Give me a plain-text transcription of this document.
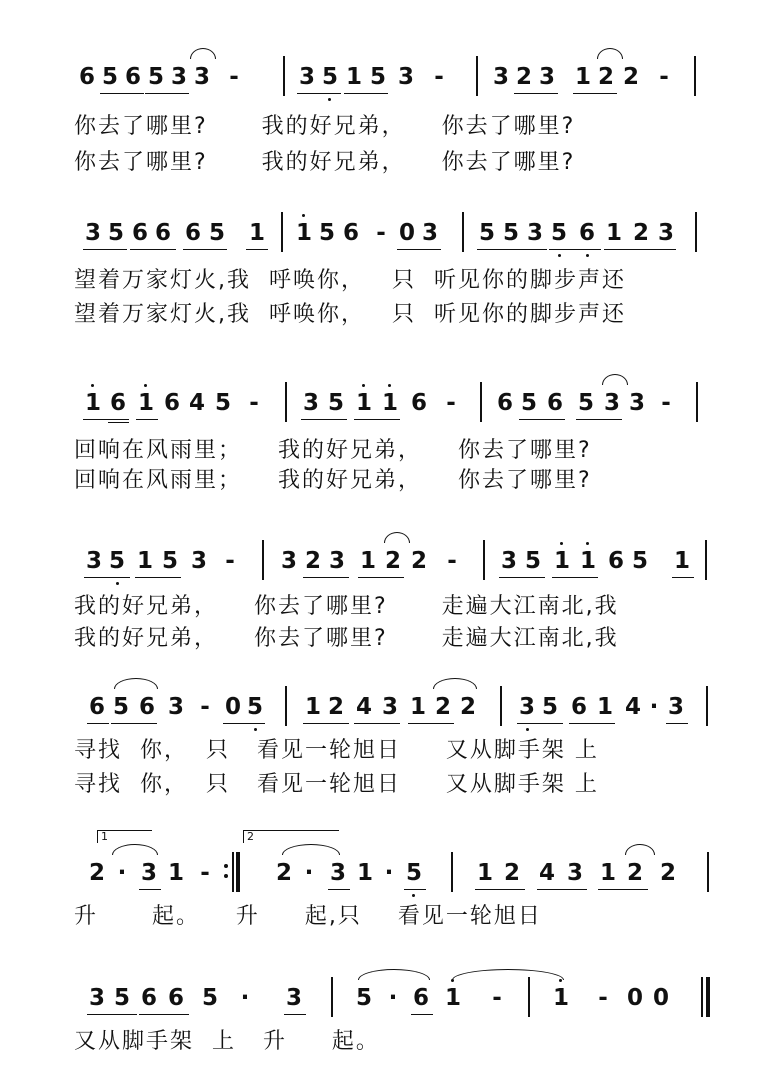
6 5 6 5 3 3 -	3 5 1 5 3 - 3 2 3 1 2 2 -
你去了哪里?      我的好兄弟，    你去了哪里?
你去了哪里?      我的好兄弟，    你去了哪里?
3 5 6 6 6 5 1 1 5 6 - 0 3 5 5 3 5 6 1 2 3
望着万家灯火,我  呼唤你，   只  听见你的脚步声还
望着万家灯火,我  呼唤你，   只  听见你的脚步声还
1 6 1 6 4 5 - 3 5 1 1 6 - 6 5 6 5 3 3 -
回响在风雨里；    我的好兄弟，    你去了哪里?
回响在风雨里；    我的好兄弟，    你去了哪里?
3 5 1 5 3 - 3 2 3 1 2 2 - 3 5 1 1 6 5 1
我的好兄弟，    你去了哪里?      走遍大江南北,我
我的好兄弟，    你去了哪里?      走遍大江南北,我
6 5 6 3 - 0 5 1 2 4 3 1 2 2 3 5 6 1 4 · 3
寻找  你，  只   看见一轮旭日     又从脚手架 上
寻找  你，  只   看见一轮旭日     又从脚手架 上
1	2
2 · 3 1 -	2 · 3 1 · 5 1 2 4 3 1 2 2
升      起。    升     起,只    看见一轮旭日
3 5 6 6 5 · 3 5 · 6 1 - 1 - 0 0
又从脚手架  上   升     起。
